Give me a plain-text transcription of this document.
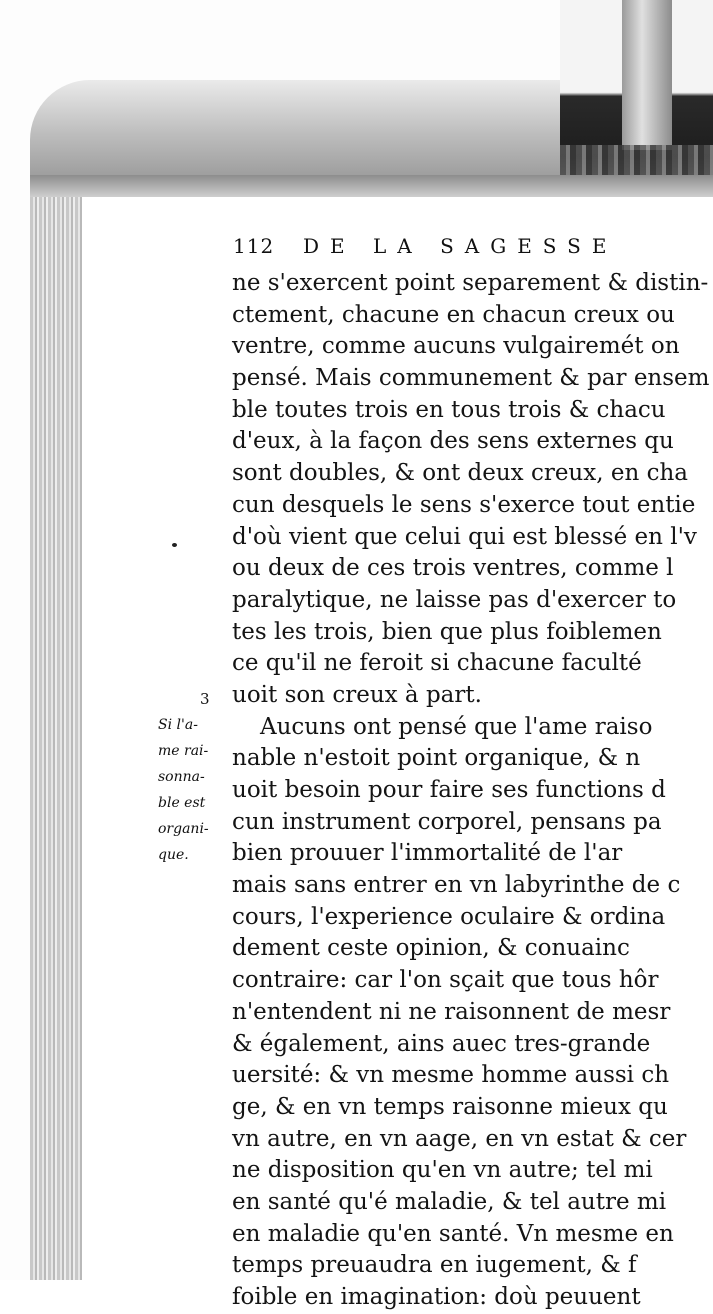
112	DE LA SAGESSE
3
Si l'a-
me rai-
sonna-
ble est
organi-
que.
ne s'exercent point separement & distin-
ctement, chacune en chacun creux ou
ventre, comme aucuns vulgairemét on
pensé. Mais communement & par ensem
ble toutes trois en tous trois & chacu
d'eux, à la façon des sens externes qu
sont doubles, & ont deux creux, en cha
cun desquels le sens s'exerce tout entie
d'où vient que celui qui est blessé en l'v
ou deux de ces trois ventres, comme l
paralytique, ne laisse pas d'exercer to
tes les trois, bien que plus foiblemen
ce qu'il ne feroit si chacune faculté
uoit son creux à part.
Aucuns ont pensé que l'ame raiso
nable n'estoit point organique, & n
uoit besoin pour faire ses functions d
cun instrument corporel, pensans pa
bien prouuer l'immortalité de l'ar
mais sans entrer en vn labyrinthe de c
cours, l'experience oculaire & ordina
dement ceste opinion, & conuainc
contraire: car l'on sçait que tous hôr
n'entendent ni ne raisonnent de mesr
& également, ains auec tres-grande
uersité: & vn mesme homme aussi ch
ge, & en vn temps raisonne mieux qu
vn autre, en vn aage, en vn estat & cer
ne disposition qu'en vn autre; tel mi
en santé qu'é maladie, & tel autre mi
en maladie qu'en santé. Vn mesme en
temps preuaudra en iugement, & f
foible en imagination: doù peuuent
